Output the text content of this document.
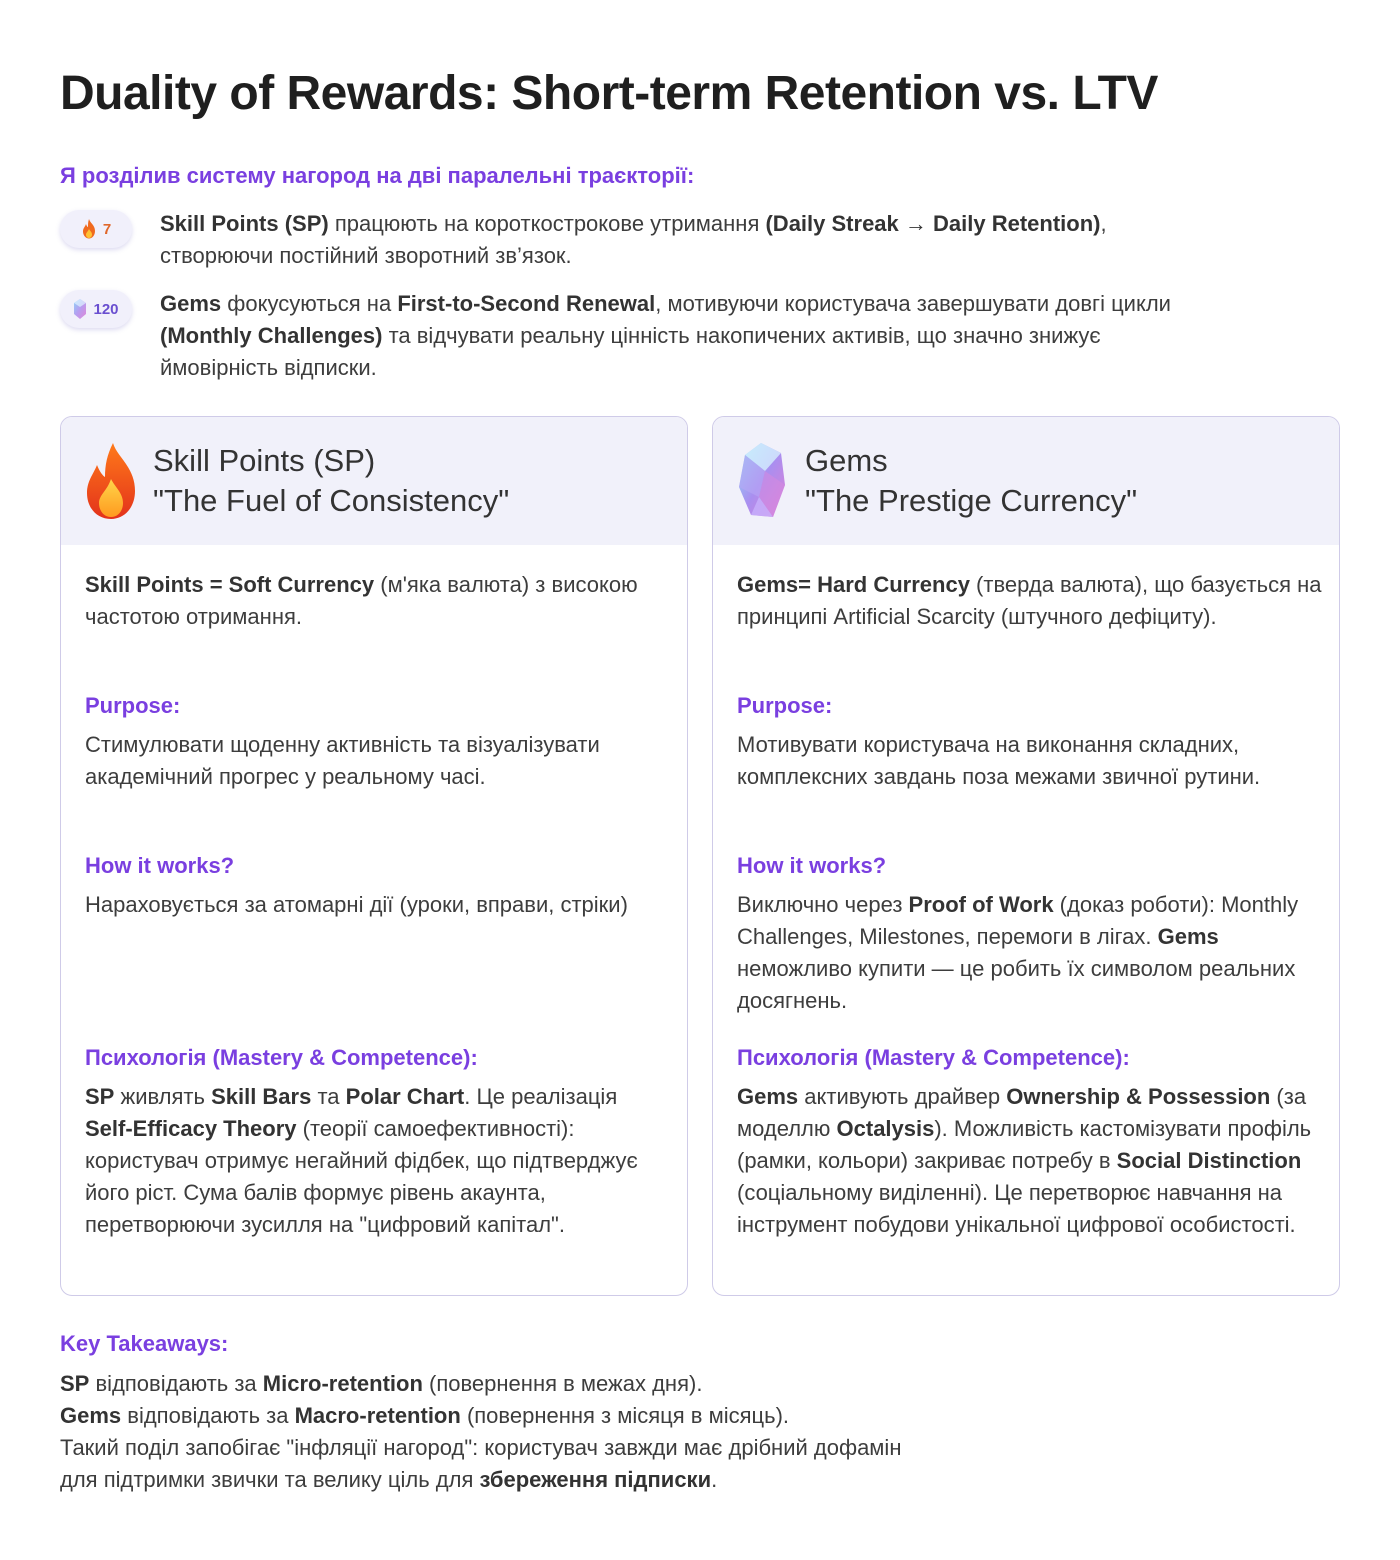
Duality of Rewards: Short-term Retention vs. LTV
Я розділив систему нагород на дві паралельні траєкторії:
7 Skill Points (SP) працюють на короткострокове утримання (Daily Streak → Daily Retention), створюючи постійний зворотний зв’язок.
120 Gems фокусуються на First-to-Second Renewal, мотивуючи користувача завершувати довгі цикли (Monthly Challenges) та відчувати реальну цінність накопичених активів, що значно знижує ймовірність відписки.
Skill Points (SP)
"The Fuel of Consistency"
Skill Points = Soft Currency (м'яка валюта) з високою частотою отримання.
Purpose:
Стимулювати щоденну активність та візуалізувати академічний прогрес у реальному часі.
How it works?
Нараховується за атомарні дії (уроки, вправи, стріки)
Психологія (Mastery & Competence):
SP живлять Skill Bars та Polar Chart. Це реалізація Self-Efficacy Theory (теорії самоефективності): користувач отримує негайний фідбек, що підтверджує його ріст. Сума балів формує рівень акаунта, перетворюючи зусилля на "цифровий капітал".
Gems
"The Prestige Currency"
Gems= Hard Currency (тверда валюта), що базується на принципі Artificial Scarcity (штучного дефіциту).
Purpose:
Мотивувати користувача на виконання складних, комплексних завдань поза межами звичної рутини.
How it works?
Виключно через Proof of Work (доказ роботи): Monthly Challenges, Milestones, перемоги в лігах. Gems неможливо купити — це робить їх символом реальних досягнень.
Психологія (Mastery & Competence):
Gems активують драйвер Ownership & Possession (за моделлю Octalysis). Можливість кастомізувати профіль (рамки, кольори) закриває потребу в Social Distinction (соціальному виділенні). Це перетворює навчання на інструмент побудови унікальної цифрової особистості.
Key Takeaways:
SP відповідають за Micro-retention (повернення в межах дня).
Gems відповідають за Macro-retention (повернення з місяця в місяць).
Такий поділ запобігає "інфляції нагород": користувач завжди має дрібний дофамін
для підтримки звички та велику ціль для збереження підписки.
